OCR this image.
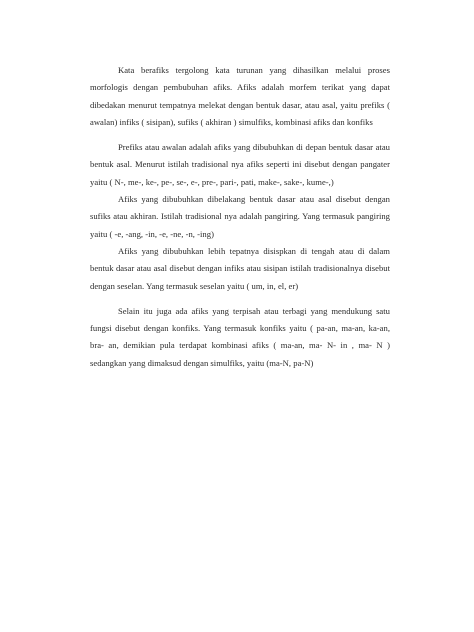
Kata berafiks tergolong kata turunan yang dihasilkan melalui proses morfologis dengan pembubuhan afiks. Afiks adalah morfem terikat yang dapat dibedakan menurut tempatnya melekat dengan bentuk dasar, atau asal, yaitu prefiks ( awalan) infiks ( sisipan), sufiks ( akhiran ) simulfiks, kombinasi afiks dan konfiks

Prefiks atau awalan adalah afiks yang dibubuhkan di depan bentuk dasar atau bentuk asal. Menurut istilah tradisional nya afiks seperti ini disebut dengan pangater yaitu ( N-, me-, ke-, pe-, se-, e-, pre-, pari-, pati, make-, sake-, kume-,)

Afiks yang dibubuhkan dibelakang bentuk dasar atau asal disebut dengan sufiks atau akhiran. Istilah tradisional nya adalah pangiring. Yang termasuk pangiring yaitu ( -e, -ang, -in, -e, -ne, -n, -ing)

Afiks yang dibubuhkan lebih tepatnya disispkan di tengah atau di dalam bentuk dasar atau asal disebut dengan infiks atau sisipan istilah tradisionalnya disebut dengan seselan. Yang termasuk seselan yaitu ( um, in, el, er)

Selain itu juga ada afiks yang terpisah atau terbagi yang mendukung satu fungsi disebut dengan konfiks. Yang termasuk konfiks yaitu ( pa-an, ma-an, ka-an, bra- an, demikian pula terdapat kombinasi afiks ( ma-an, ma- N- in , ma- N ) sedangkan yang dimaksud dengan simulfiks, yaitu (ma-N, pa-N)
